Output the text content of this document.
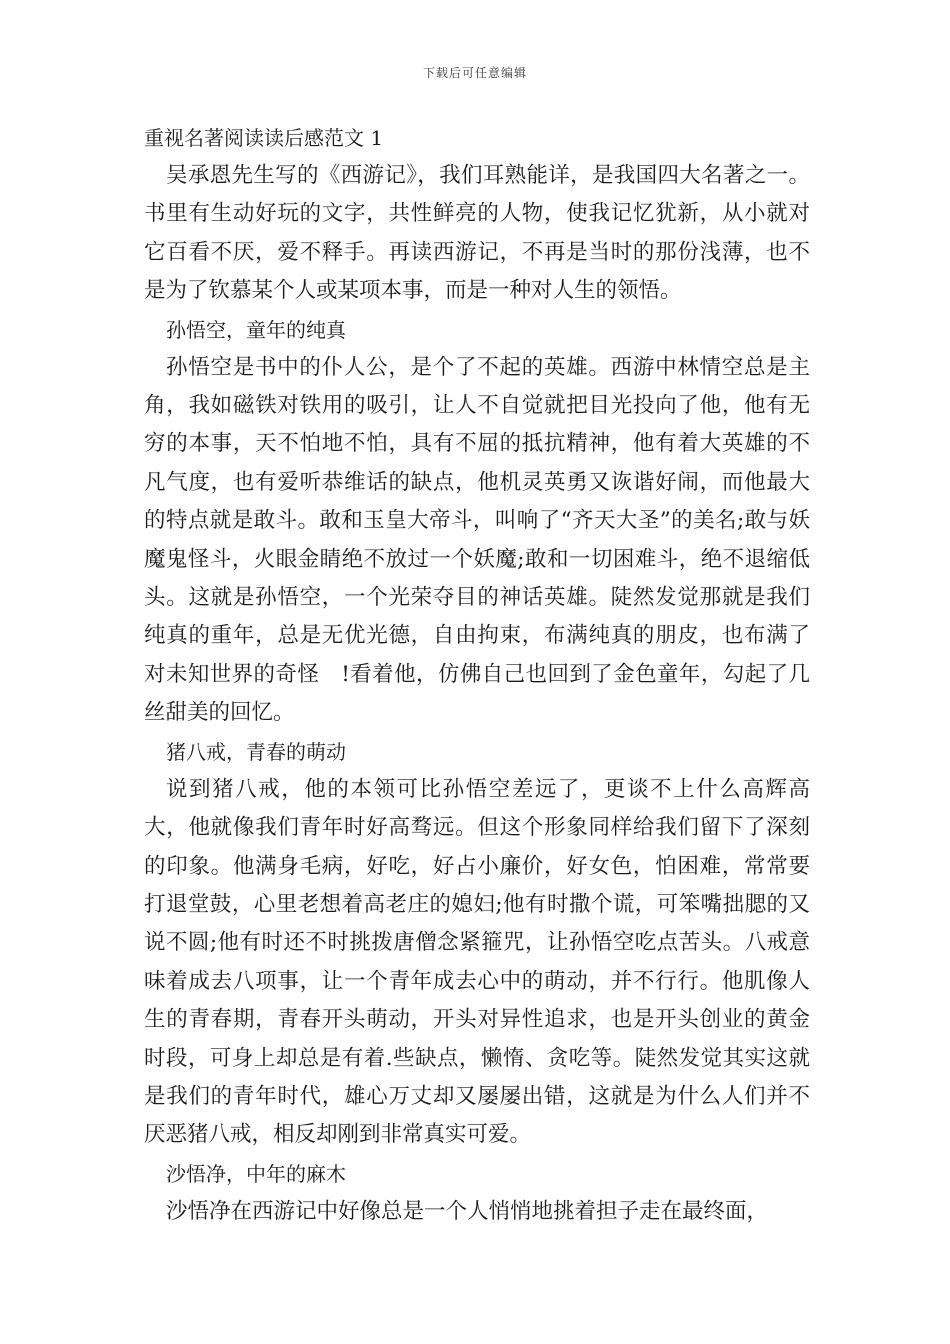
下载后可任意编辑
重视名著阅读读后感范文 1

吴承恩先生写的《西游记》，我们耳熟能详，是我国四大名著之一。书里有生动好玩的文字，共性鲜亮的人物，使我记忆犹新，从小就对它百看不厌，爱不释手。再读西游记，不再是当时的那份浅薄，也不是为了钦慕某个人或某项本事，而是一种对人生的领悟。

孙悟空，童年的纯真

孙悟空是书中的仆人公，是个了不起的英雄。西游中林情空总是主角，我如磁铁对铁用的吸引，让人不自觉就把目光投向了他，他有无穷的本事，天不怕地不怕，具有不屈的抵抗精神，他有着大英雄的不凡气度，也有爱听恭维话的缺点，他机灵英勇又诙谐好闹，而他最大的特点就是敢斗。敢和玉皇大帝斗，叫响了“齐天大圣”的美名;敢与妖魔鬼怪斗，火眼金睛绝不放过一个妖魔;敢和一切困难斗，绝不退缩低头。这就是孙悟空，一个光荣夺目的神话英雄。陡然发觉那就是我们纯真的重年，总是无优光德，自由拘束，布满纯真的朋皮，也布满了对未知世界的奇怪　!看着他，仿佛自己也回到了金色童年，勾起了几丝甜美的回忆。

猪八戒，青春的萌动

说到猪八戒，他的本领可比孙悟空差远了，更谈不上什么高辉高大，他就像我们青年时好高骛远。但这个形象同样给我们留下了深刻的印象。他满身毛病，好吃，好占小廉价，好女色，怕困难，常常要打退堂鼓，心里老想着高老庄的媳妇;他有时撒个谎，可笨嘴拙腮的又说不圆;他有时还不时挑拨唐僧念紧箍咒，让孙悟空吃点苦头。八戒意味着成去八项事，让一个青年成去心中的萌动，并不行行。他肌像人生的青春期，青春开头萌动，开头对异性追求，也是开头创业的黄金时段，可身上却总是有着.些缺点，懒惰、贪吃等。陡然发觉其实这就是我们的青年时代，雄心万丈却又屡屡出错，这就是为什么人们并不厌恶猪八戒，相反却刚到非常真实可爱。

沙悟净，中年的麻木

沙悟净在西游记中好像总是一个人悄悄地挑着担子走在最终面，
